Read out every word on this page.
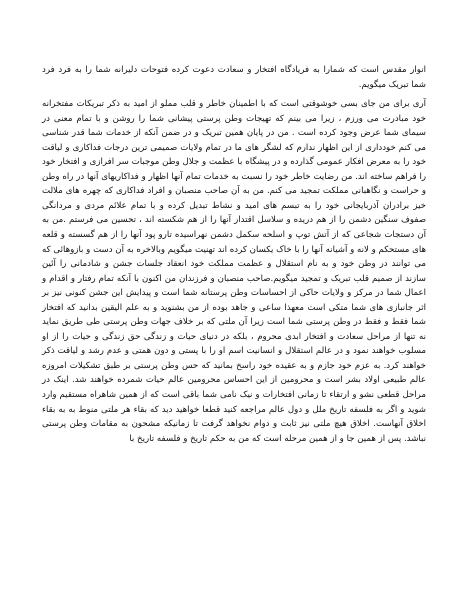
انوار مقدس است که شمارا به فریادگاه افتخار و سعادت دعوت کرده فتوحات دلیرانه شما را به فرد فرد شما تبریک میگویم.

آری برای من جای بسی خوشوقتی است که با اطمینان خاطر و قلب مملو از امید به ذکر تبریکات مفتخرانه خود مبادرت می ورزم ، زیرا می بینم که تهیجات وطن پرستی پیشانی شما را روشن و با تمام معنی در سیمای شما عرض وجود کرده است . من در پایان همین تبریک و در ضمن آنکه از خدمات شما قدر شناسی می کنم خودداری از این اظهار ندارم که لشگر های ما در تمام ولایات صمیمی ترین درجات فداکاری و لیاقت خود را به معرض افکار عمومی گذارده و در پیشگاه با عظمت و جلال وطن موجبات سر افرازی و افتخار خود را فراهم ساخته اند. من رضایت خاطر خود را نسبت به خدمات تمام آنها اظهار و فداکاریهای آنها در راه وطن و حراست و نگاهبانی مملکت تمجید می کنم. من به آن صاحب منصبان و افراد فداکاری که چهره های ملالت خیز برادران آذربایجانی خود را به تبسم های امید و نشاط تبدیل کرده و با تمام علائم مردی و مردانگی صفوف سنگین دشمن را از هم دریده و سلاسل اقتدار آنها را از هم شکسته اند ، تحسین می فرستم .من به آن دستجات شجاعی که از آتش توپ و اسلحه سکمل دشمن نهراسیده تارو پود آنها را از هم گسسته و قلعه های مستحکم و لانه و آشیانه آنها را با خاک یکسان کرده اند تهنیت میگویم وبالاخره به آن دست و بازوهائی که می توانند در وطن خود و به نام استقلال و عظمت مملکت خود انعقاد جلسات جشن و شادمانی را آئین سازند از صمیم قلب تبریک و تمجید میگویم.صاحب منصبان و فرزندان من اکنون با آنکه تمام رفتار و اقدام و اعمال شما در مرکز و ولایات حاکی از احساسات وطن پرستانه شما است و پیدایش این جشن کنونی نیز بر اثر جانبازی های شما متکی است معهذا ساعی و جاهد بوده از من بشنوید و به علم الیقین بدانید که افتخار شما فقط و فقط در وطن پرستی شما است زیرا آن ملتی که بر خلاف جهات وطن پرستی طی طریق نماید نه تنها از مراحل سعادت و افتخار ابدی محروم ، بلکه در دنیای حیات و زندگی حق زندگی و حیات را از او مسلوب خواهند نمود و در عالم استقلال و انسانیت اسم او را با پستی و دون همتی و عدم رشد و لیاقت ذکر خواهند کرد. به عزم خود جازم و به عقیده خود راسخ بمانید که حس وطن پرستی بر طبق تشکیلات امروزه عالم طبیعی اولاد بشر است و محرومین از این احساس محرومین عالم حیات شمرده خواهند شد. اینک در مراحل قطعی نشو و ارتقاء تا زمانی افتخارات و نیک نامی شما باقی است که از همین شاهراه مستقیم وارد شوید و اگر به فلسفه تاریخ ملل و دول عالم مراجعه کنید قطعا خواهید دید که بقاء هر ملتی منوط به به بقاء اخلاق آنهاست. اخلاق هیچ ملتی نیز ثابت و دوام نخواهد گرفت تا زمانیکه مشحون به مقامات وطن پرستی نباشد. پس از همین جا و از همین مرحله است که من به حکم تاریخ و فلسفه تاریخ با
